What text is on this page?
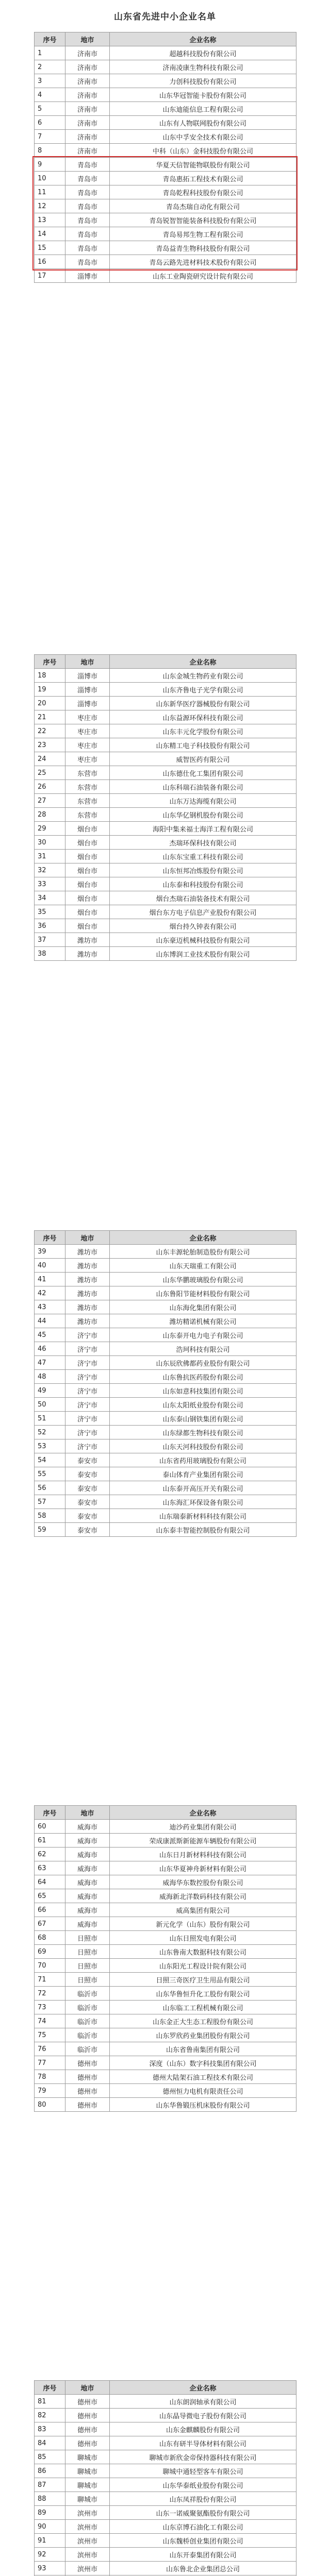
山东省先进中小企业名单
序号	地市	企业名称
1	济南市	超越科技股份有限公司
2	济南市	济南凌康生物科技有限公司
3	济南市	力创科技股份有限公司
4	济南市	山东华冠智能卡股份有限公司
5	济南市	山东迪能信息工程有限公司
6	济南市	山东有人物联网股份有限公司
7	济南市	山东中孚安全技术有限公司
8	济南市	中科（山东）金科技股份有限公司
9	青岛市	华夏天信智能物联股份有限公司
10	青岛市	青岛惠拓工程技术有限公司
11	青岛市	青岛乾程科技股份有限公司
12	青岛市	青岛杰瑞自动化有限公司
13	青岛市	青岛锐智智能装备科技股份有限公司
14	青岛市	青岛易邦生物工程有限公司
15	青岛市	青岛益青生物科技股份有限公司
16	青岛市	青岛云路先进材料技术股份有限公司
17	淄博市	山东工业陶瓷研究设计院有限公司
序号	地市	企业名称
18	淄博市	山东金城生物药业有限公司
19	淄博市	山东齐鲁电子光学有限公司
20	淄博市	山东新华医疗器械股份有限公司
21	枣庄市	山东益源环保科技有限公司
22	枣庄市	山东丰元化学股份有限公司
23	枣庄市	山东精工电子科技股份有限公司
24	枣庄市	威智医药有限公司
25	东营市	山东德仕化工集团有限公司
26	东营市	山东科瑞石油装备有限公司
27	东营市	山东万达海缆有限公司
28	东营市	山东华亿钢机股份有限公司
29	烟台市	海阳中集来福士海洋工程有限公司
30	烟台市	杰瑞环保科技有限公司
31	烟台市	山东东宝重工科技有限公司
32	烟台市	山东恒邦冶炼股份有限公司
33	烟台市	山东泰和科技股份有限公司
34	烟台市	烟台杰瑞石油装备技术有限公司
35	烟台市	烟台东方电子信息产业股份有限公司
36	烟台市	烟台持久钟表有限公司
37	潍坊市	山东豪迈机械科技股份有限公司
38	潍坊市	山东博润工业技术股份有限公司
序号	地市	企业名称
39	潍坊市	山东丰源轮胎制造股份有限公司
40	潍坊市	山东天瑞重工有限公司
41	潍坊市	山东华鹏玻璃股份有限公司
42	潍坊市	山东鲁阳节能材料股份有限公司
43	潍坊市	山东海化集团有限公司
44	潍坊市	潍坊精诺机械有限公司
45	济宁市	山东泰开电力电子有限公司
46	济宁市	浩珂科技有限公司
47	济宁市	山东辰欣佛都药业股份有限公司
48	济宁市	山东鲁抗医药股份有限公司
49	济宁市	山东如意科技集团有限公司
50	济宁市	山东太阳纸业股份有限公司
51	济宁市	山东泰山钢铁集团有限公司
52	济宁市	山东绿都生物科技有限公司
53	济宁市	山东天河科技股份有限公司
54	泰安市	山东省药用玻璃股份有限公司
55	泰安市	泰山体育产业集团有限公司
56	泰安市	山东泰开高压开关有限公司
57	泰安市	山东海汇环保设备有限公司
58	泰安市	山东瑞泰新材料科技有限公司
59	泰安市	山东泰丰智能控制股份有限公司
序号	地市	企业名称
60	威海市	迪沙药业集团有限公司
61	威海市	荣成康派斯新能源车辆股份有限公司
62	威海市	山东日月新材料科技有限公司
63	威海市	山东华夏神舟新材料有限公司
64	威海市	威海华东数控股份有限公司
65	威海市	威海新北洋数码科技有限公司
66	威海市	威高集团有限公司
67	威海市	新元化学（山东）股份有限公司
68	日照市	山东日照发电有限公司
69	日照市	山东鲁南大数据科技有限公司
70	日照市	山东阳光工程设计院有限公司
71	日照市	日照三奇医疗卫生用品有限公司
72	临沂市	山东华鲁恒升化工股份有限公司
73	临沂市	山东临工工程机械有限公司
74	临沂市	山东金正大生态工程股份有限公司
75	临沂市	山东罗欣药业集团股份有限公司
76	临沂市	山东省鲁南集团有限公司
77	德州市	深度（山东）数字科技集团有限公司
78	德州市	德州大陆架石油工程技术有限公司
79	德州市	德州恒力电机有限责任公司
80	德州市	山东华鲁锻压机床股份有限公司
序号	地市	企业名称
81	德州市	山东朗润轴承有限公司
82	德州市	山东晶导微电子股份有限公司
83	德州市	山东金麒麟股份有限公司
84	德州市	山东有研半导体材料有限公司
85	聊城市	聊城市新欣金帝保持器科技有限公司
86	聊城市	聊城中通轻型客车有限公司
87	聊城市	山东华泰纸业股份有限公司
88	聊城市	山东凤祥股份有限公司
89	滨州市	山东一诺威聚氨酯股份有限公司
90	滨州市	山东京博石油化工有限公司
91	滨州市	山东魏桥创业集团有限公司
92	滨州市	山东开泰集团有限公司
93	滨州市	山东鲁北企业集团总公司
